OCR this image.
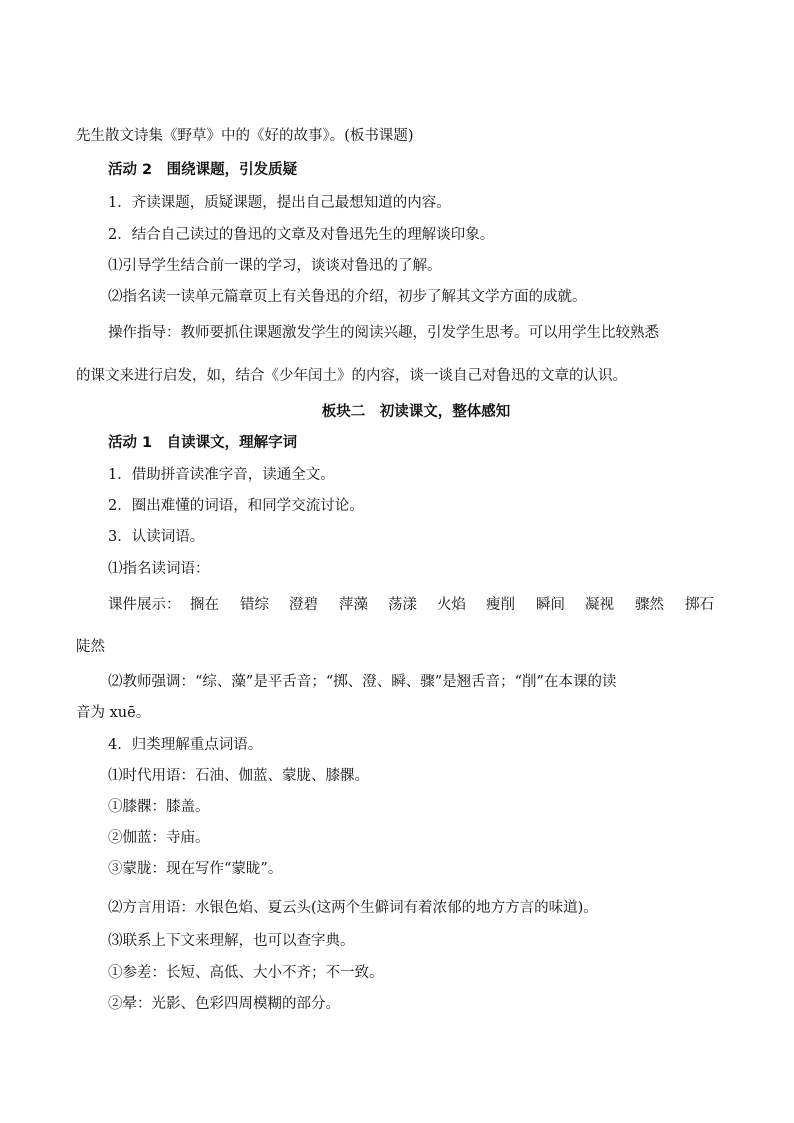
先生散文诗集《野草》中的《好的故事》。(板书课题)
活动 2　围绕课题，引发质疑
1．齐读课题，质疑课题，提出自己最想知道的内容。
2．结合自己读过的鲁迅的文章及对鲁迅先生的理解谈印象。
⑴引导学生结合前一课的学习，谈谈对鲁迅的了解。
⑵指名读一读单元篇章页上有关鲁迅的介绍，初步了解其文学方面的成就。
操作指导：教师要抓住课题激发学生的阅读兴趣，引发学生思考。可以用学生比较熟悉
的课文来进行启发，如，结合《少年闰土》的内容，谈一谈自己对鲁迅的文章的认识。
板块二　初读课文，整体感知
活动 1　自读课文，理解字词
1．借助拼音读准字音，读通全文。
2．圈出难懂的词语，和同学交流讨论。
3．认读词语。
⑴指名读词语：
课件展示： 搁在 错综 澄碧 萍藻 荡漾 火焰 瘦削 瞬间 凝视 骤然 掷石
陡然
⑵教师强调：“综、藻”是平舌音；“掷、澄、瞬、骤”是翘舌音；“削”在本课的读
音为 xuē。
4．归类理解重点词语。
⑴时代用语：石油、伽蓝、蒙胧、膝髁。
①膝髁：膝盖。
②伽蓝：寺庙。
③蒙胧：现在写作“蒙眬”。
⑵方言用语：水银色焰、夏云头(这两个生僻词有着浓郁的地方方言的味道)。
⑶联系上下文来理解，也可以查字典。
①参差：长短、高低、大小不齐；不一致。
②晕：光影、色彩四周模糊的部分。
